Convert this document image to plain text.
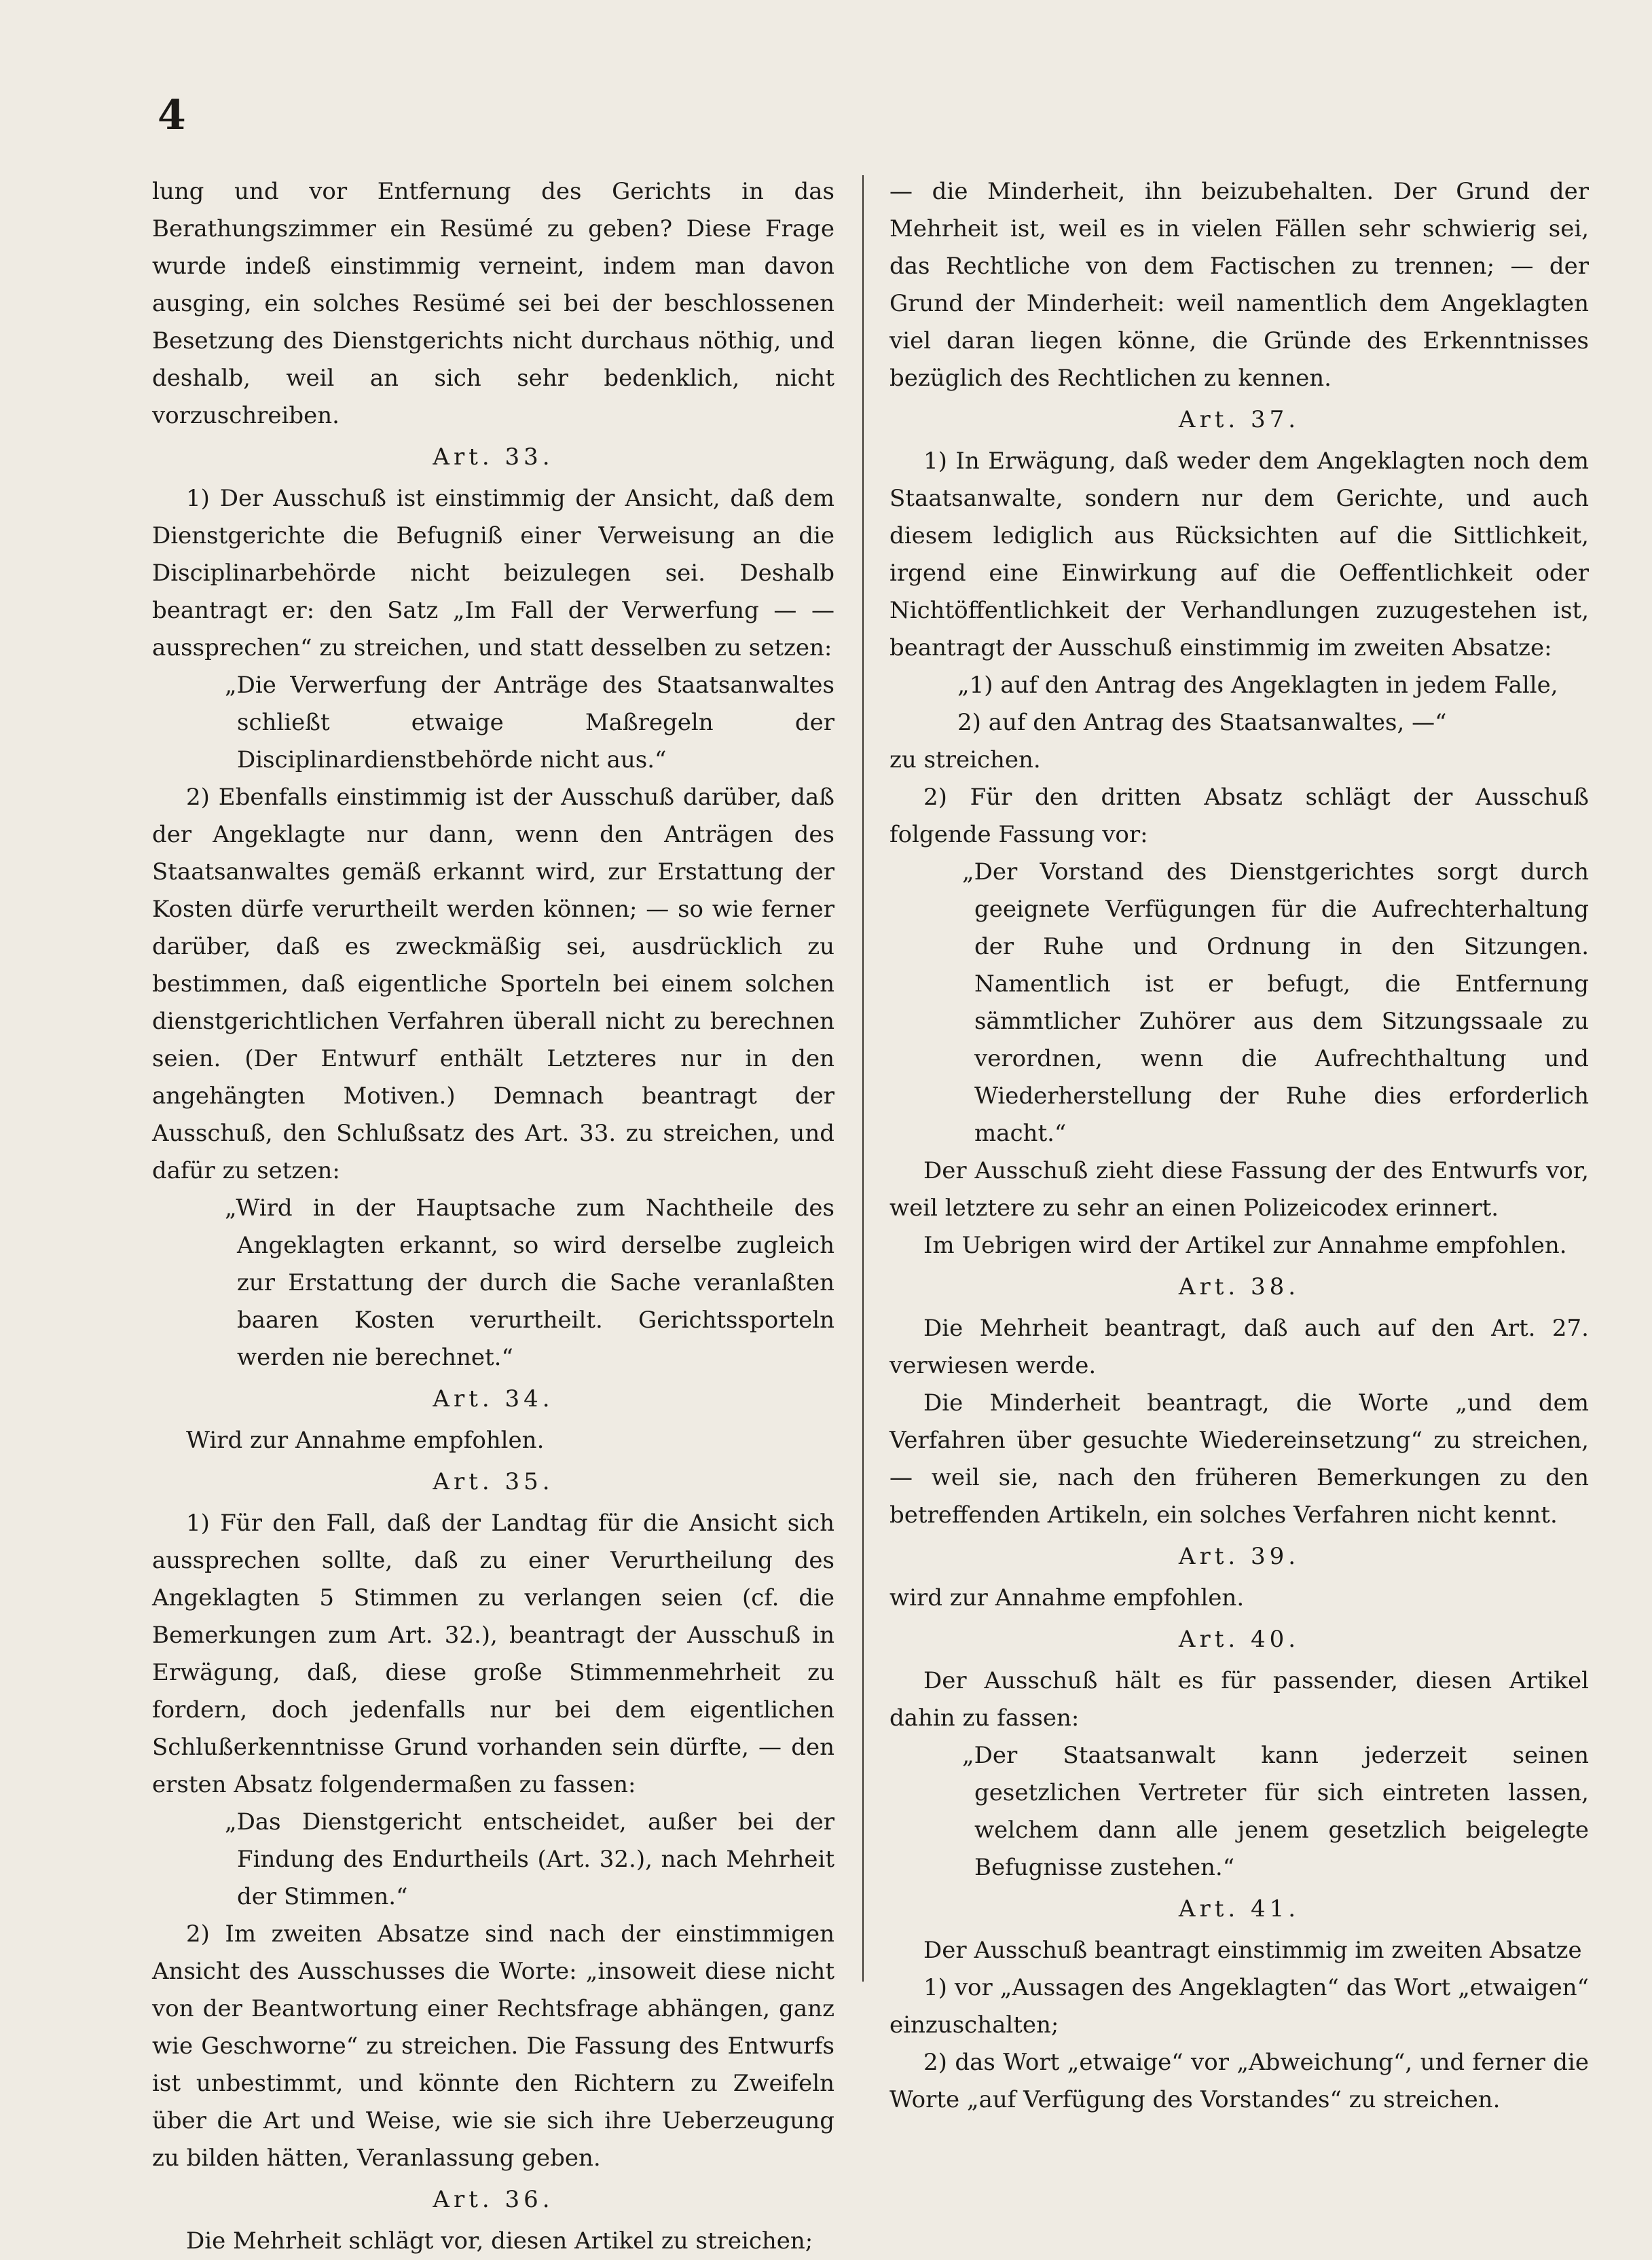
4

lung und vor Entfernung des Gerichts in das Berathungszimmer ein Resümé zu geben? Diese Frage wurde indeß einstimmig verneint, indem man davon ausging, ein solches Resümé sei bei der beschlossenen Besetzung des Dienstgerichts nicht durchaus nöthig, und deshalb, weil an sich sehr bedenklich, nicht vorzuschreiben.

Art. 33.

1) Der Ausschuß ist einstimmig der Ansicht, daß dem Dienstgerichte die Befugniß einer Verweisung an die Disciplinarbehörde nicht beizulegen sei. Deshalb beantragt er: den Satz „Im Fall der Verwerfung — — aussprechen“ zu streichen, und statt desselben zu setzen:

„Die Verwerfung der Anträge des Staatsanwaltes schließt etwaige Maßregeln der Disciplinardienstbehörde nicht aus.“

2) Ebenfalls einstimmig ist der Ausschuß darüber, daß der Angeklagte nur dann, wenn den Anträgen des Staatsanwaltes gemäß erkannt wird, zur Erstattung der Kosten dürfe verurtheilt werden können; — so wie ferner darüber, daß es zweckmäßig sei, ausdrücklich zu bestimmen, daß eigentliche Sporteln bei einem solchen dienstgerichtlichen Verfahren überall nicht zu berechnen seien. (Der Entwurf enthält Letzteres nur in den angehängten Motiven.) Demnach beantragt der Ausschuß, den Schlußsatz des Art. 33. zu streichen, und dafür zu setzen:

„Wird in der Hauptsache zum Nachtheile des Angeklagten erkannt, so wird derselbe zugleich zur Erstattung der durch die Sache veranlaßten baaren Kosten verurtheilt. Gerichtssporteln werden nie berechnet.“

Art. 34.

Wird zur Annahme empfohlen.

Art. 35.

1) Für den Fall, daß der Landtag für die Ansicht sich aussprechen sollte, daß zu einer Verurtheilung des Angeklagten 5 Stimmen zu verlangen seien (cf. die Bemerkungen zum Art. 32.), beantragt der Ausschuß in Erwägung, daß, diese große Stimmenmehrheit zu fordern, doch jedenfalls nur bei dem eigentlichen Schlußerkenntnisse Grund vorhanden sein dürfte, — den ersten Absatz folgendermaßen zu fassen:

„Das Dienstgericht entscheidet, außer bei der Findung des Endurtheils (Art. 32.), nach Mehrheit der Stimmen.“

2) Im zweiten Absatze sind nach der einstimmigen Ansicht des Ausschusses die Worte: „insoweit diese nicht von der Beantwortung einer Rechtsfrage abhängen, ganz wie Geschworne“ zu streichen. Die Fassung des Entwurfs ist unbestimmt, und könnte den Richtern zu Zweifeln über die Art und Weise, wie sie sich ihre Ueberzeugung zu bilden hätten, Veranlassung geben.

Art. 36.

Die Mehrheit schlägt vor, diesen Artikel zu streichen;

— die Minderheit, ihn beizubehalten. Der Grund der Mehrheit ist, weil es in vielen Fällen sehr schwierig sei, das Rechtliche von dem Factischen zu trennen; — der Grund der Minderheit: weil namentlich dem Angeklagten viel daran liegen könne, die Gründe des Erkenntnisses bezüglich des Rechtlichen zu kennen.

Art. 37.

1) In Erwägung, daß weder dem Angeklagten noch dem Staatsanwalte, sondern nur dem Gerichte, und auch diesem lediglich aus Rücksichten auf die Sittlichkeit, irgend eine Einwirkung auf die Oeffentlichkeit oder Nichtöffentlichkeit der Verhandlungen zuzugestehen ist, beantragt der Ausschuß einstimmig im zweiten Absatze:

„1) auf den Antrag des Angeklagten in jedem Falle,

2) auf den Antrag des Staatsanwaltes, —“

zu streichen.

2) Für den dritten Absatz schlägt der Ausschuß folgende Fassung vor:

„Der Vorstand des Dienstgerichtes sorgt durch geeignete Verfügungen für die Aufrechterhaltung der Ruhe und Ordnung in den Sitzungen. Namentlich ist er befugt, die Entfernung sämmtlicher Zuhörer aus dem Sitzungssaale zu verordnen, wenn die Aufrechthaltung und Wiederherstellung der Ruhe dies erforderlich macht.“

Der Ausschuß zieht diese Fassung der des Entwurfs vor, weil letztere zu sehr an einen Polizeicodex erinnert.

Im Uebrigen wird der Artikel zur Annahme empfohlen.

Art. 38.

Die Mehrheit beantragt, daß auch auf den Art. 27. verwiesen werde.

Die Minderheit beantragt, die Worte „und dem Verfahren über gesuchte Wiedereinsetzung“ zu streichen, — weil sie, nach den früheren Bemerkungen zu den betreffenden Artikeln, ein solches Verfahren nicht kennt.

Art. 39.

wird zur Annahme empfohlen.

Art. 40.

Der Ausschuß hält es für passender, diesen Artikel dahin zu fassen:

„Der Staatsanwalt kann jederzeit seinen gesetzlichen Vertreter für sich eintreten lassen, welchem dann alle jenem gesetzlich beigelegte Befugnisse zustehen.“

Art. 41.

Der Ausschuß beantragt einstimmig im zweiten Absatze

1) vor „Aussagen des Angeklagten“ das Wort „etwaigen“ einzuschalten;

2) das Wort „etwaige“ vor „Abweichung“, und ferner die Worte „auf Verfügung des Vorstandes“ zu streichen.
